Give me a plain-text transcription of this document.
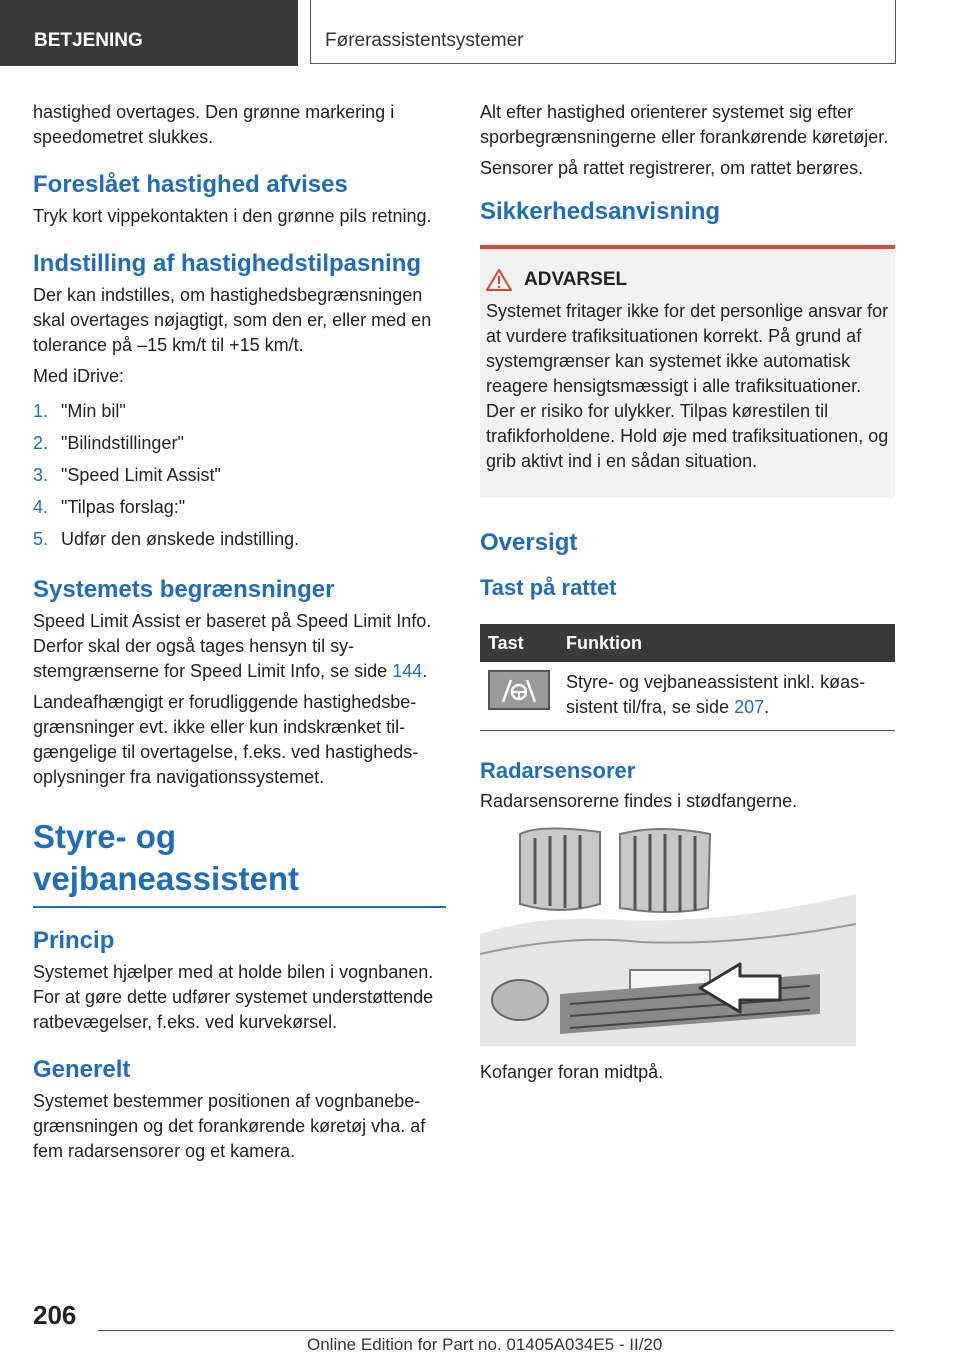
BETJENING	Førerassistentsystemer

hastighed overtages. Den grønne markering i speedometret slukkes.

Foreslået hastighed afvises

Tryk kort vippekontakten i den grønne pils retning.

Indstilling af hastighedstilpasning

Der kan indstilles, om hastighedsbegrænsningen skal overtages nøjagtigt, som den er, eller med en tolerance på –15 km/t til +15 km/t.

Med iDrive:

1. "Min bil"
2. "Bilindstillinger"
3. "Speed Limit Assist"
4. "Tilpas forslag:"
5. Udfør den ønskede indstilling.
Systemets begrænsninger

Speed Limit Assist er baseret på Speed Limit Info. Derfor skal der også tages hensyn til systemgrænserne for Speed Limit Info, se side 144.

Landeafhængigt er forudliggende hastighedsbegrænsninger evt. ikke eller kun indskrænket tilgængelige til overtagelse, f.eks. ved hastighedsoplysninger fra navigationssystemet.

Styre- og vejbaneassistent
Princip

Systemet hjælper med at holde bilen i vognbanen. For at gøre dette udfører systemet understøttende ratbevægelser, f.eks. ved kurvekørsel.

Generelt

Systemet bestemmer positionen af vognbanebegrænsningen og det forankørende køretøj vha. af fem radarsensorer og et kamera.

Alt efter hastighed orienterer systemet sig efter sporbegrænsningerne eller forankørende køretøjer.

Sensorer på rattet registrerer, om rattet berøres.

Sikkerhedsanvisning
ADVARSEL

Systemet fritager ikke for det personlige ansvar for at vurdere trafiksituationen korrekt. På grund af systemgrænser kan systemet ikke automatisk reagere hensigtsmæssigt i alle trafiksituationer. Der er risiko for ulykker. Tilpas kørestilen til trafikforholdene. Hold øje med trafiksituationen, og grib aktivt ind i en sådan situation.

Oversigt
Tast på rattet
Tast	Funktion

	Styre- og vejbaneassistent inkl. køassistent til/fra, se side 207.
Radarsensorer

Radarsensorerne findes i stødfangerne.

Kofanger foran midtpå.

206
Online Edition for Part no. 01405A034E5 - II/20
